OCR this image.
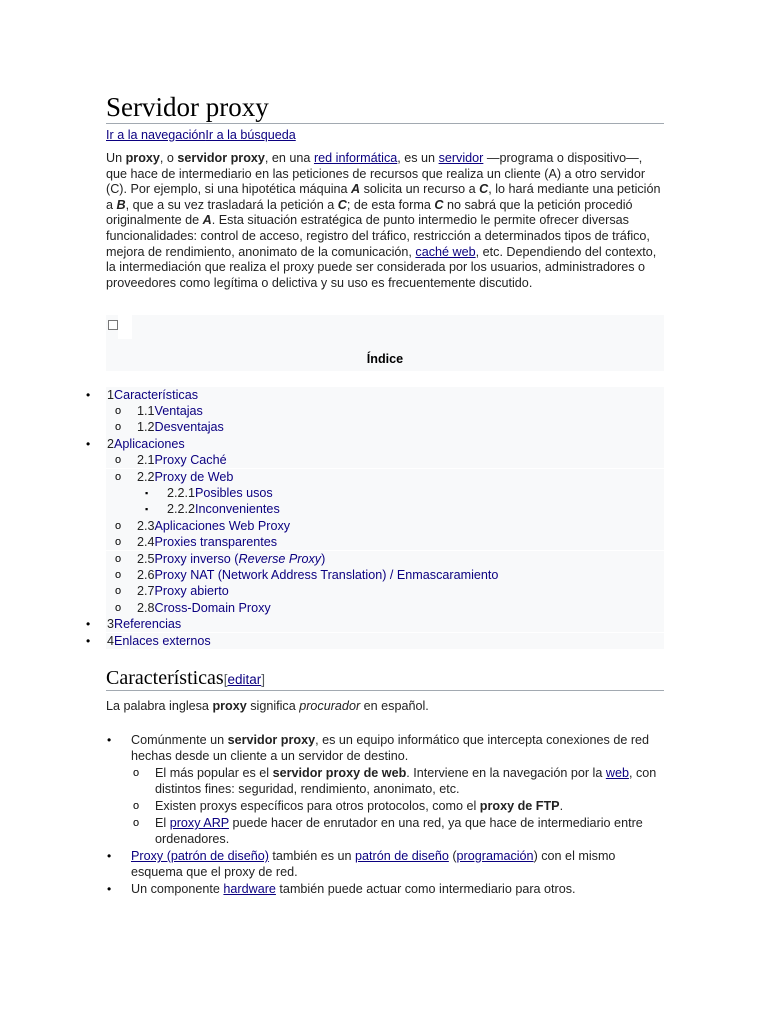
Servidor proxy
Ir a la navegaciónIr a la búsqueda

Un proxy, o servidor proxy, en una red informática, es un servidor —programa o dispositivo—, que hace de intermediario en las peticiones de recursos que realiza un cliente (A) a otro servidor (C). Por ejemplo, si una hipotética máquina A solicita un recurso a C, lo hará mediante una petición a B, que a su vez trasladará la petición a C; de esta forma C no sabrá que la petición procedió originalmente de A. Esta situación estratégica de punto intermedio le permite ofrecer diversas funcionalidades: control de acceso, registro del tráfico, restricción a determinados tipos de tráfico, mejora de rendimiento, anonimato de la comunicación, caché web, etc. Dependiendo del contexto, la intermediación que realiza el proxy puede ser considerada por los usuarios, administradores o proveedores como legítima o delictiva y su uso es frecuentemente discutido.

Índice
• 1Características
o 1.1Ventajas
o 1.2Desventajas
• 2Aplicaciones
o 2.1Proxy Caché
o 2.2Proxy de Web
▪ 2.2.1Posibles usos
▪ 2.2.2Inconvenientes
o 2.3Aplicaciones Web Proxy
o 2.4Proxies transparentes
o 2.5Proxy inverso (Reverse Proxy)
o 2.6Proxy NAT (Network Address Translation) / Enmascaramiento
o 2.7Proxy abierto
o 2.8Cross-Domain Proxy
• 3Referencias
• 4Enlaces externos
Características[editar]
La palabra inglesa proxy significa procurador en español.
• Comúnmente un servidor proxy, es un equipo informático que intercepta conexiones de red hechas desde un cliente a un servidor de destino.
o El más popular es el servidor proxy de web. Interviene en la navegación por la web, con distintos fines: seguridad, rendimiento, anonimato, etc.
o Existen proxys específicos para otros protocolos, como el proxy de FTP.
o El proxy ARP puede hacer de enrutador en una red, ya que hace de intermediario entre ordenadores.
• Proxy (patrón de diseño) también es un patrón de diseño (programación) con el mismo esquema que el proxy de red.
• Un componente hardware también puede actuar como intermediario para otros.
